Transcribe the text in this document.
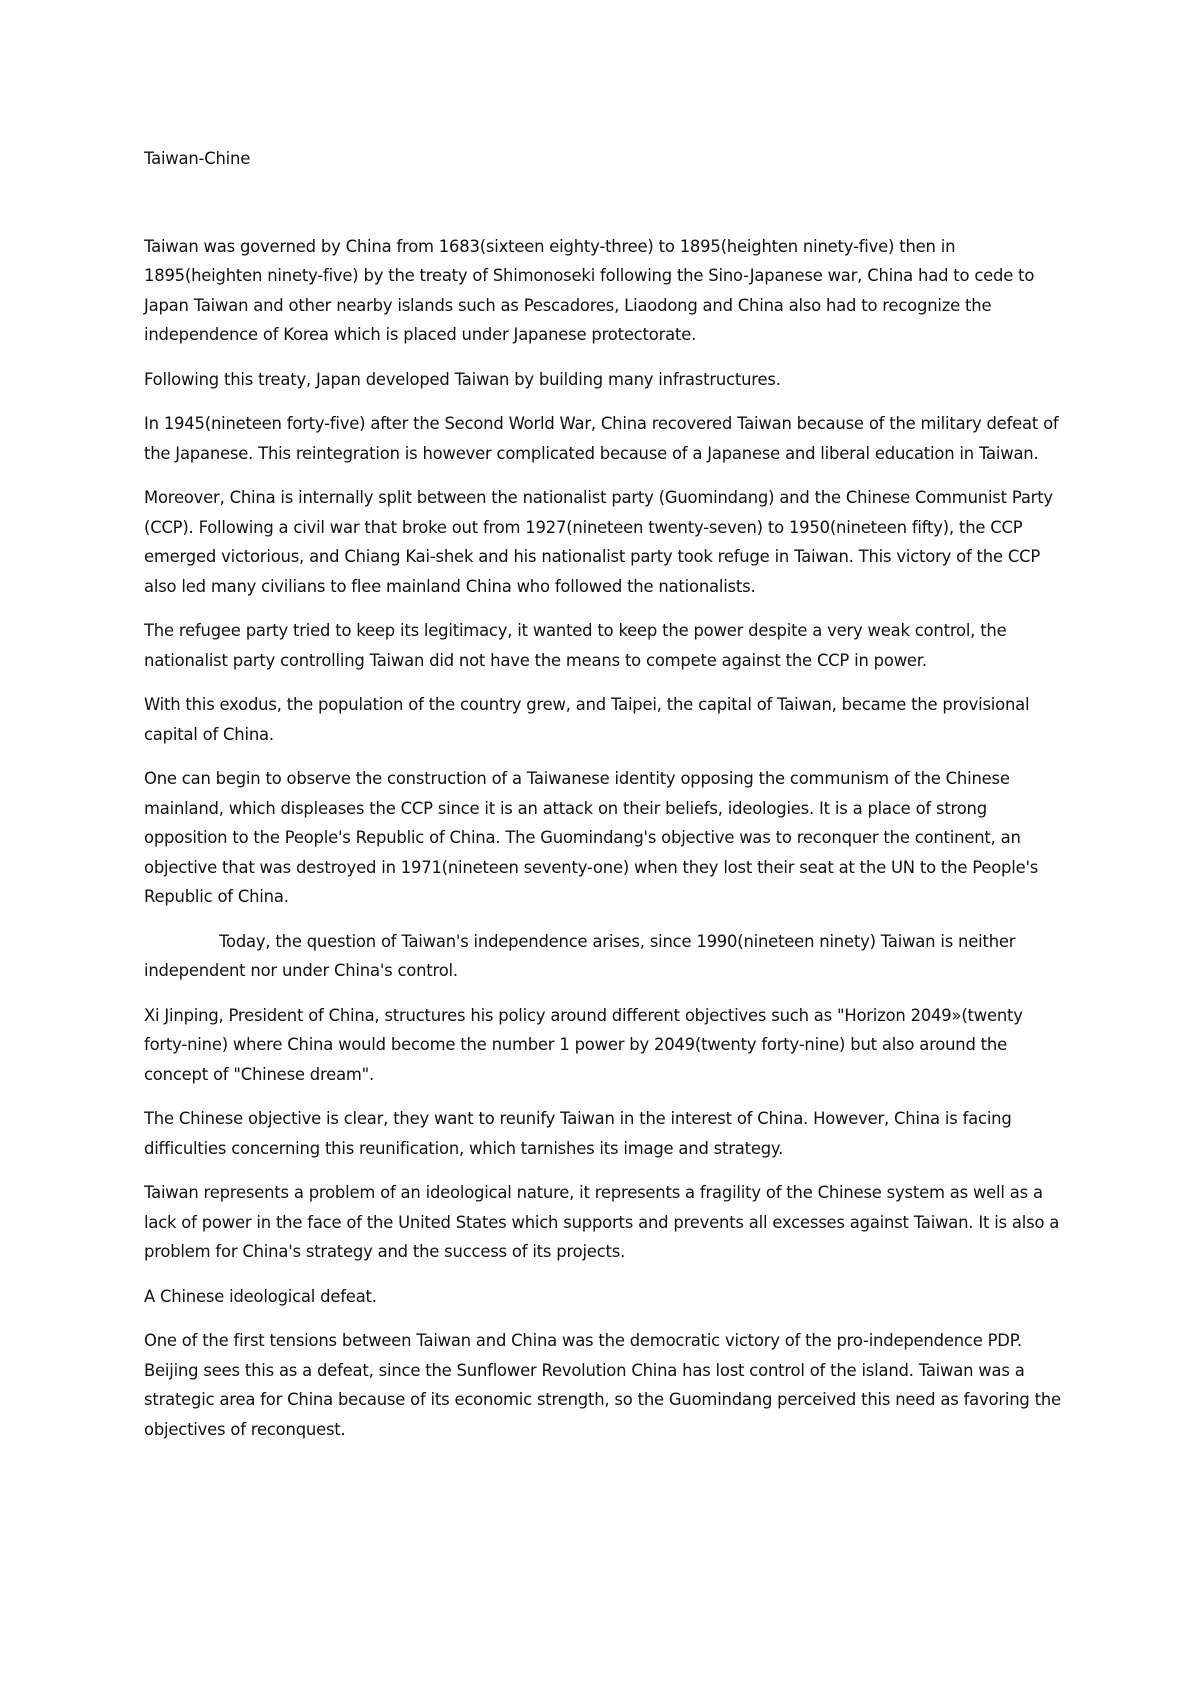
Taiwan-Chine

Taiwan was governed by China from 1683(sixteen eighty-three) to 1895(heighten ninety-five) then in 1895(heighten ninety-five) by the treaty of Shimonoseki following the Sino-Japanese war, China had to cede to Japan Taiwan and other nearby islands such as Pescadores, Liaodong and China also had to recognize the independence of Korea which is placed under Japanese protectorate.

Following this treaty, Japan developed Taiwan by building many infrastructures.

In 1945(nineteen forty-five) after the Second World War, China recovered Taiwan because of the military defeat of the Japanese. This reintegration is however complicated because of a Japanese and liberal education in Taiwan.

Moreover, China is internally split between the nationalist party (Guomindang) and the Chinese Communist Party (CCP). Following a civil war that broke out from 1927(nineteen twenty-seven) to 1950(nineteen fifty), the CCP emerged victorious, and Chiang Kai-shek and his nationalist party took refuge in Taiwan. This victory of the CCP also led many civilians to flee mainland China who followed the nationalists.

The refugee party tried to keep its legitimacy, it wanted to keep the power despite a very weak control, the nationalist party controlling Taiwan did not have the means to compete against the CCP in power.

With this exodus, the population of the country grew, and Taipei, the capital of Taiwan, became the provisional capital of China.

One can begin to observe the construction of a Taiwanese identity opposing the communism of the Chinese mainland, which displeases the CCP since it is an attack on their beliefs, ideologies. It is a place of strong opposition to the People's Republic of China. The Guomindang's objective was to reconquer the continent, an objective that was destroyed in 1971(nineteen seventy-one) when they lost their seat at the UN to the People's Republic of China.

Today, the question of Taiwan's independence arises, since 1990(nineteen ninety) Taiwan is neither independent nor under China's control.

Xi Jinping, President of China, structures his policy around different objectives such as "Horizon 2049»(twenty forty-nine) where China would become the number 1 power by 2049(twenty forty-nine) but also around the concept of "Chinese dream".

The Chinese objective is clear, they want to reunify Taiwan in the interest of China. However, China is facing difficulties concerning this reunification, which tarnishes its image and strategy.

Taiwan represents a problem of an ideological nature, it represents a fragility of the Chinese system as well as a lack of power in the face of the United States which supports and prevents all excesses against Taiwan. It is also a problem for China's strategy and the success of its projects.

A Chinese ideological defeat.

One of the first tensions between Taiwan and China was the democratic victory of the pro-independence PDP. Beijing sees this as a defeat, since the Sunflower Revolution China has lost control of the island. Taiwan was a strategic area for China because of its economic strength, so the Guomindang perceived this need as favoring the objectives of reconquest.
